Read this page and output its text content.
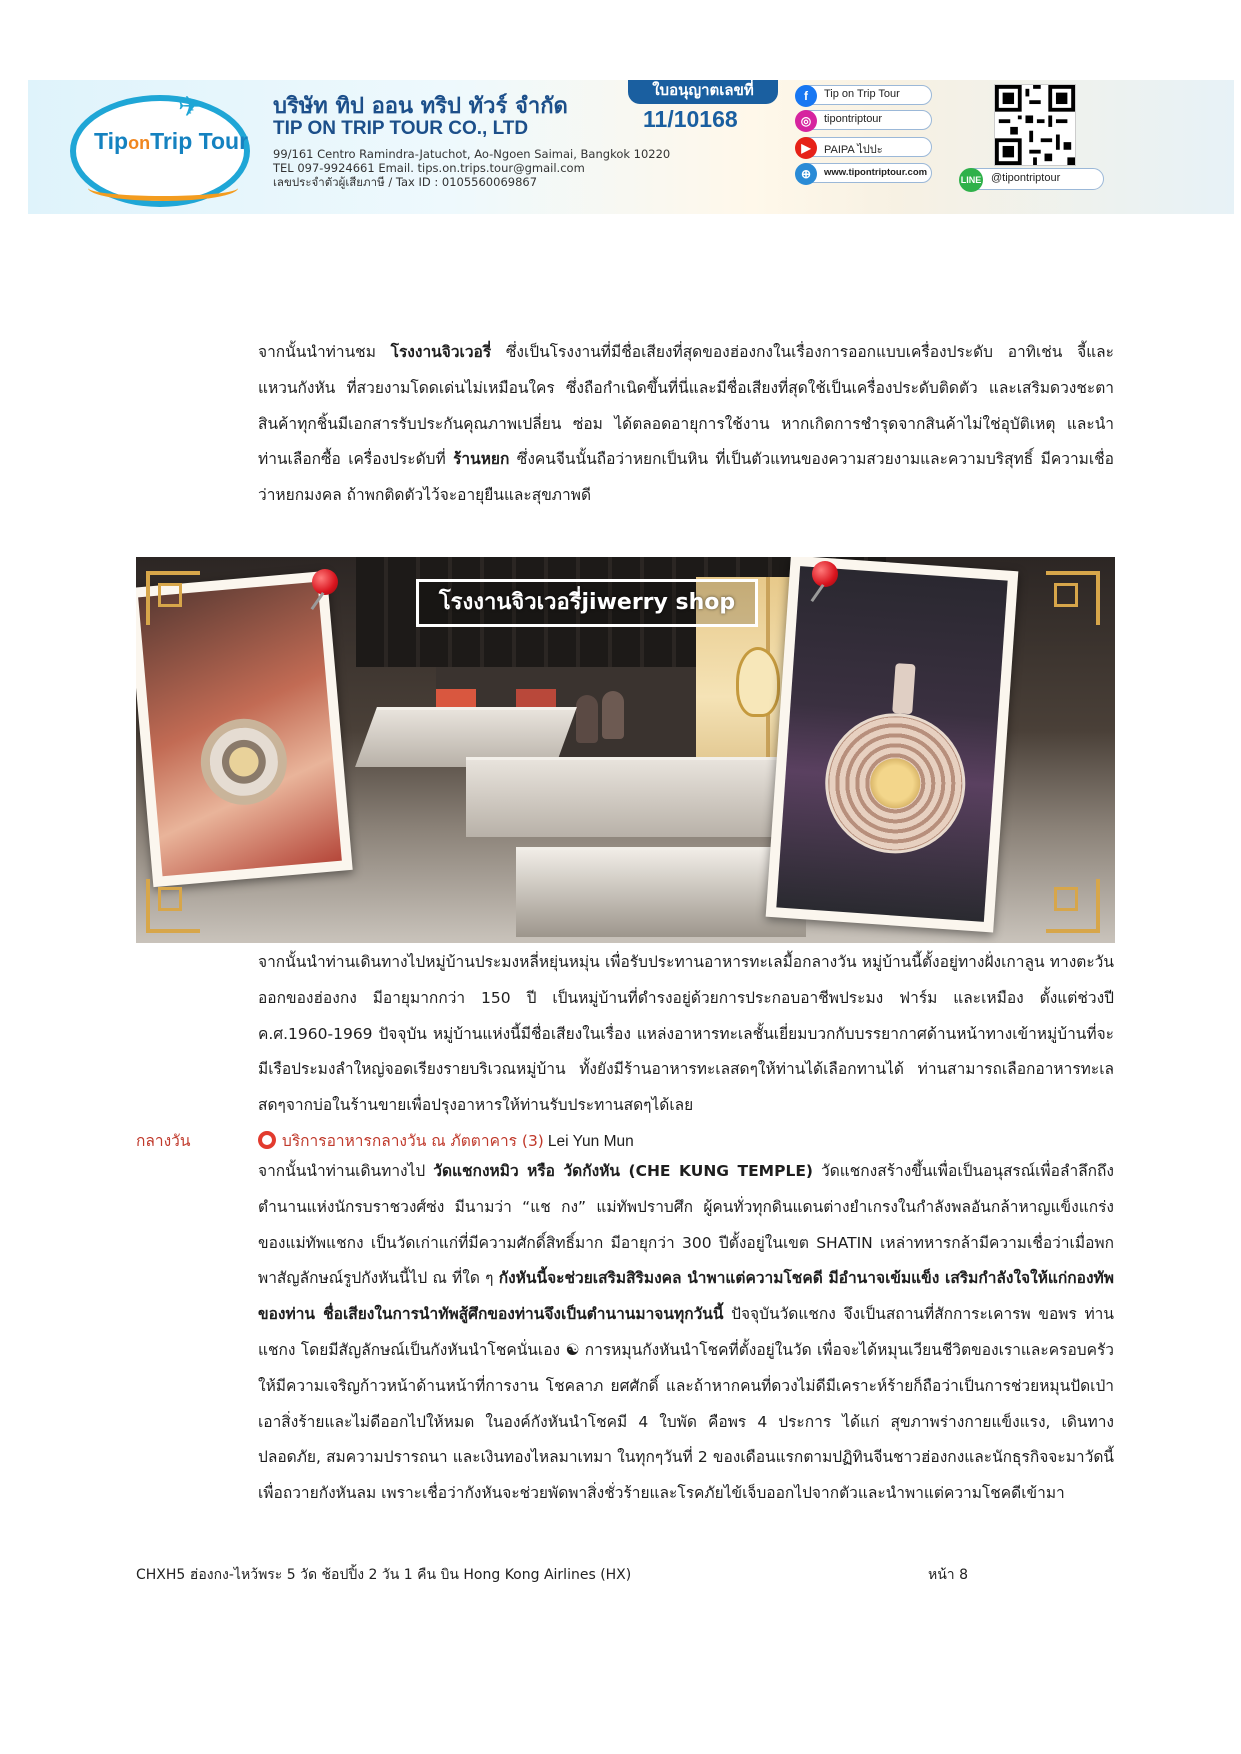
✈
TiponTrip Tour
บริษัท ทิป ออน ทริป ทัวร์ จำกัด
TIP ON TRIP TOUR CO., LTD
99/161 Centro Ramindra-Jatuchot, Ao-Ngoen Saimai, Bangkok 10220
TEL 097-9924661 Email. tips.on.trips.tour@gmail.com
เลขประจำตัวผู้เสียภาษี / Tax ID : 0105560069867
ใบอนุญาตเลขที่
11/10168
f	Tip on Trip Tour
◎	tipontriptour
▶	PAIPA ไปปะ
⊕	www.tipontriptour.com
LINE @tipontriptour
จากนั้นนำท่านชม โรงงานจิวเวอรี่ ซึ่งเป็นโรงงานที่มีชื่อเสียงที่สุดของฮ่องกงในเรื่องการออกแบบเครื่องประดับ อาทิเช่น จี้และแหวนกังหัน ที่สวยงามโดดเด่นไม่เหมือนใคร ซึ่งถือกำเนิดขึ้นที่นี่และมีชื่อเสียงที่สุดใช้เป็นเครื่องประดับติดตัว และเสริมดวงชะตา สินค้าทุกชิ้นมีเอกสารรับประกันคุณภาพเปลี่ยน ซ่อม ได้ตลอดอายุการใช้งาน หากเกิดการชำรุดจากสินค้าไม่ใช่อุบัติเหตุ และนำท่านเลือกซื้อ เครื่องประดับที่ ร้านหยก ซึ่งคนจีนนั้นถือว่าหยกเป็นหิน ที่เป็นตัวแทนของความสวยงามและความบริสุทธิ์ มีความเชื่อว่าหยกมงคล ถ้าพกติดตัวไว้จะอายุยืนและสุขภาพดี
โรงงานจิวเวอรี่jiwerry shop
จากนั้นนำท่านเดินทางไปหมู่บ้านประมงหลี่หยุ่นหมุ่น เพื่อรับประทานอาหารทะเลมื้อกลางวัน หมู่บ้านนี้ตั้งอยู่ทางฝั่งเกาลูน ทางตะวันออกของฮ่องกง มีอายุมากกว่า 150 ปี เป็นหมู่บ้านที่ดำรงอยู่ด้วยการประกอบอาชีพประมง ฟาร์ม และเหมือง ตั้งแต่ช่วงปี ค.ศ.1960-1969 ปัจจุบัน หมู่บ้านแห่งนี้มีชื่อเสียงในเรื่อง แหล่งอาหารทะเลชั้นเยี่ยมบวกกับบรรยากาศด้านหน้าทางเข้าหมู่บ้านที่จะมีเรือประมงลำใหญ่จอดเรียงรายบริเวณหมู่บ้าน ทั้งยังมีร้านอาหารทะเลสดๆให้ท่านได้เลือกทานได้ ท่านสามารถเลือกอาหารทะเลสดๆจากบ่อในร้านขายเพื่อปรุงอาหารให้ท่านรับประทานสดๆได้เลย
กลางวัน	บริการอาหารกลางวัน ณ ภัตตาคาร (3) Lei Yun Mun
จากนั้นนำท่านเดินทางไป วัดแชกงหมิว หรือ วัดกังหัน (CHE KUNG TEMPLE) วัดแชกงสร้างขึ้นเพื่อเป็นอนุสรณ์เพื่อลำลึกถึงตำนานแห่งนักรบราชวงศ์ซ่ง มีนามว่า “แช กง” แม่ทัพปราบศึก ผู้คนทั่วทุกดินแดนต่างยำเกรงในกำลังพลอันกล้าหาญแข็งแกร่งของแม่ทัพแชกง เป็นวัดเก่าแก่ที่มีความศักดิ์สิทธิ์มาก มีอายุกว่า 300 ปีตั้งอยู่ในเขต SHATIN เหล่าทหารกล้ามีความเชื่อว่าเมื่อพก พาสัญลักษณ์รูปกังหันนี้ไป ณ ที่ใด ๆ กังหันนี้จะช่วยเสริมสิริมงคล นำพาแต่ความโชคดี มีอำนาจเข้มแข็ง เสริมกำลังใจให้แก่กองทัพของท่าน ชื่อเสียงในการนำทัพสู้ศึกของท่านจึงเป็นตำนานมาจนทุกวันนี้ ปัจจุบันวัดแชกง จึงเป็นสถานที่สักการะเคารพ ขอพร ท่านแชกง โดยมีสัญลักษณ์เป็นกังหันนำโชคนั่นเอง ☯ การหมุนกังหันนำโชคที่ตั้งอยู่ในวัด เพื่อจะได้หมุนเวียนชีวิตของเราและครอบครัวให้มีความเจริญก้าวหน้าด้านหน้าที่การงาน โชคลาภ ยศศักดิ์ และถ้าหากคนที่ดวงไม่ดีมีเคราะห์ร้ายก็ถือว่าเป็นการช่วยหมุนปัดเป่าเอาสิ่งร้ายและไม่ดีออกไปให้หมด ในองค์กังหันนำโชคมี 4 ใบพัด คือพร 4 ประการ ได้แก่ สุขภาพร่างกายแข็งแรง, เดินทางปลอดภัย, สมความปรารถนา และเงินทองไหลมาเทมา ในทุกๆวันที่ 2 ของเดือนแรกตามปฏิทินจีนชาวฮ่องกงและนักธุรกิจจะมาวัดนี้เพื่อถวายกังหันลม เพราะเชื่อว่ากังหันจะช่วยพัดพาสิ่งชั่วร้ายและโรคภัยไข้เจ็บออกไปจากตัวและนำพาแต่ความโชคดีเข้ามา
CHXH5 ฮ่องกง-ไหว้พระ 5 วัด ช้อปปิ้ง 2 วัน 1 คืน บิน Hong Kong Airlines (HX)	หน้า 8
